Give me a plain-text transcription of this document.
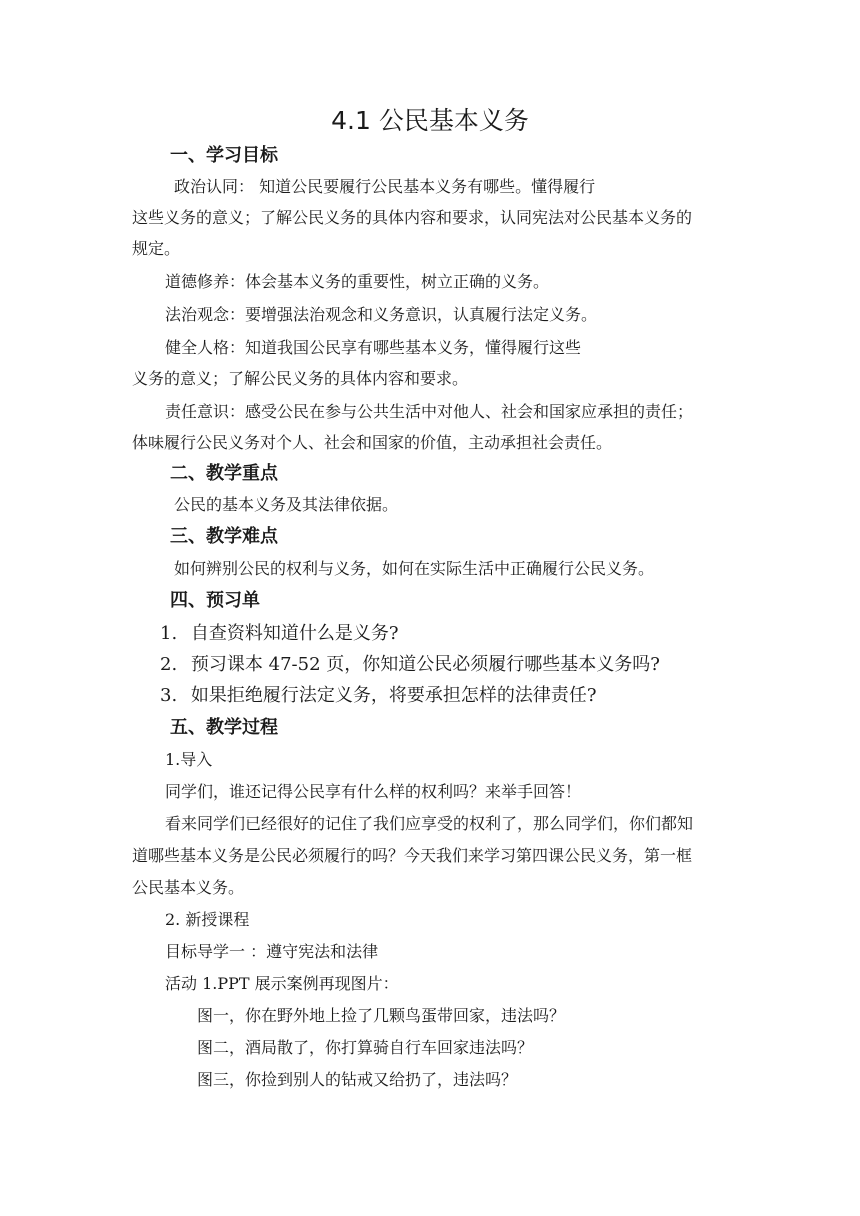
4.1 公民基本义务
一、学习目标
政治认同： 知道公民要履行公民基本义务有哪些。懂得履行
这些义务的意义；了解公民义务的具体内容和要求，认同宪法对公民基本义务的
规定。
道德修养：体会基本义务的重要性，树立正确的义务。
法治观念：要增强法治观念和义务意识，认真履行法定义务。
健全人格：知道我国公民享有哪些基本义务，懂得履行这些
义务的意义；了解公民义务的具体内容和要求。
责任意识：感受公民在参与公共生活中对他人、社会和国家应承担的责任；
体味履行公民义务对个人、社会和国家的价值，主动承担社会责任。
二、教学重点
公民的基本义务及其法律依据。
三、教学难点
如何辨别公民的权利与义务，如何在实际生活中正确履行公民义务。
四、预习单
1. 自查资料知道什么是义务?
2. 预习课本 47-52 页，你知道公民必须履行哪些基本义务吗?
3. 如果拒绝履行法定义务，将要承担怎样的法律责任?
五、教学过程
1.导入
同学们，谁还记得公民享有什么样的权利吗？来举手回答！
看来同学们已经很好的记住了我们应享受的权利了，那么同学们，你们都知
道哪些基本义务是公民必须履行的吗？今天我们来学习第四课公民义务，第一框
公民基本义务。
2. 新授课程
目标导学一 ：遵守宪法和法律
活动 1.PPT 展示案例再现图片：
图一，你在野外地上捡了几颗鸟蛋带回家，违法吗？
图二，酒局散了，你打算骑自行车回家违法吗？
图三，你捡到别人的钻戒又给扔了，违法吗？
